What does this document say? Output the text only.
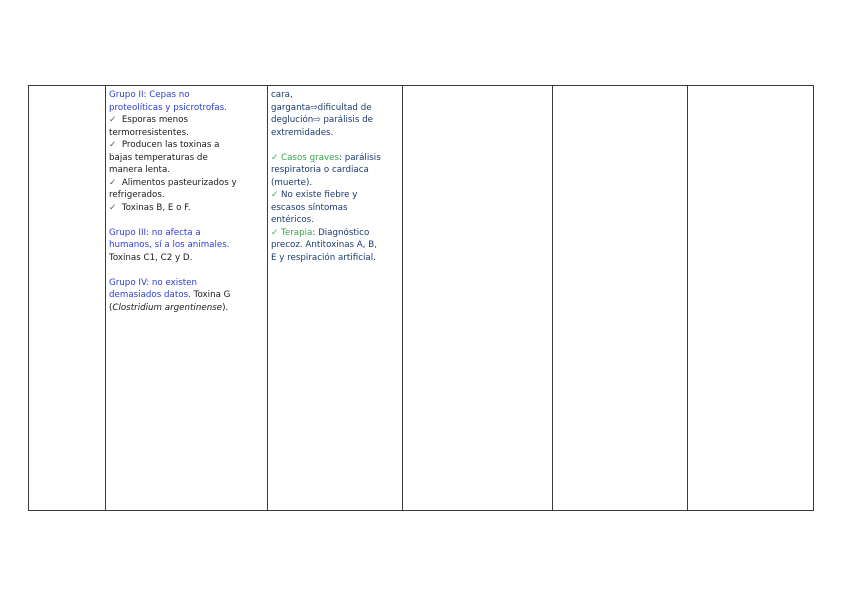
Grupo II: Cepas no
proteolíticas y psicrotrofas.
✓ Esporas menos
termorresistentes.
✓ Producen las toxinas a
bajas temperaturas de
manera lenta.
✓ Alimentos pasteurizados y
refrigerados.
✓ Toxinas B, E o F.
Grupo III: no afecta a
humanos, sí a los animales.
Toxinas C1, C2 y D.
Grupo IV: no existen
demasiados datos. Toxina G
(Clostridium argentinense).
cara,
garganta⇨dificultad de
deglución⇨ parálisis de
extremidades.
✓ Casos graves: parálisis
respiratoria o cardiaca
(muerte).
✓ No existe fiebre y
escasos síntomas
entéricos.
✓ Terapia: Diagnóstico
precoz. Antitoxinas A, B,
E y respiración artificial.
